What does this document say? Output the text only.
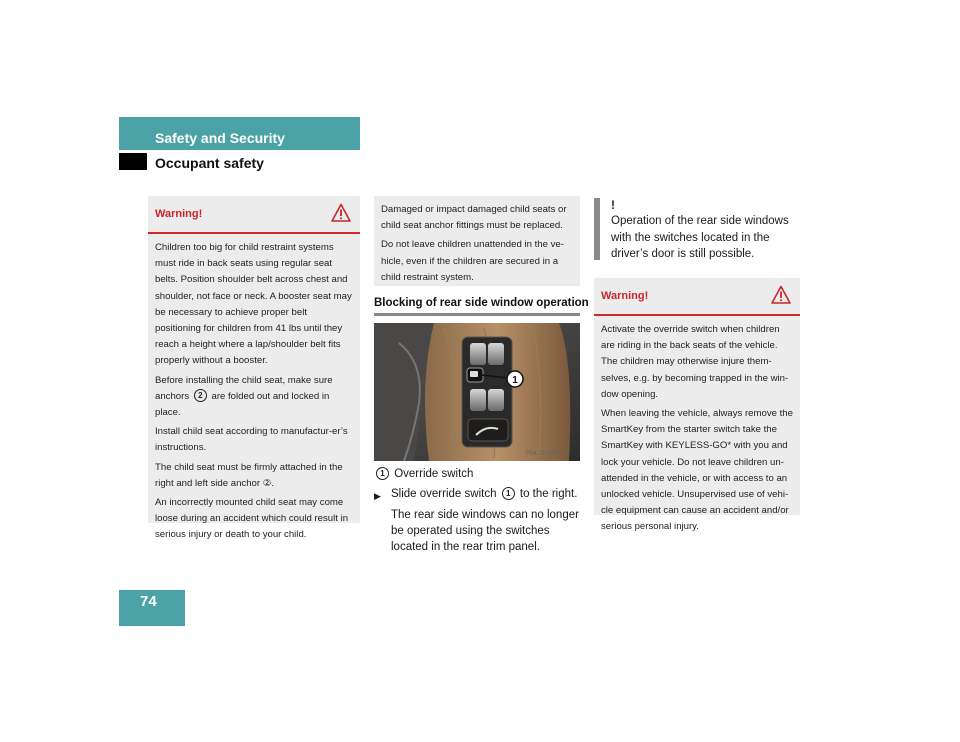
Safety and Security
Occupant safety
Warning!

Children too big for child restraint systems must ride in back seats using regular seat belts. Position shoulder belt across chest and shoulder, not face or neck. A booster seat may be necessary to achieve proper belt positioning for children from 41 lbs until they reach a height where a lap/shoulder belt fits properly without a booster.

Before installing the child seat, make sure anchors 2 are folded out and locked in place.

Install child seat according to manufactur-er’s instructions.

The child seat must be firmly attached in the right and left side anchor ②.

An incorrectly mounted child seat may come loose during an accident which could result in serious injury or death to your child.

Damaged or impact damaged child seats or child seat anchor fittings must be replaced.

Do not leave children unattended in the ve-hicle, even if the children are secured in a child restraint system.

Blocking of rear side window operation
1
P54.25-2602-31
1 Override switch
▶ Slide override switch 1 to the right.
The rear side windows can no longer be operated using the switches located in the rear trim panel.
!
Operation of the rear side windows with the switches located in the driver’s door is still possible.
Warning!

Activate the override switch when children are riding in the back seats of the vehicle. The children may otherwise injure them-selves, e.g. by becoming trapped in the win-dow opening.

When leaving the vehicle, always remove the SmartKey from the starter switch take the SmartKey with KEYLESS-GO* with you and lock your vehicle. Do not leave children un-attended in the vehicle, or with access to an unlocked vehicle. Unsupervised use of vehi-cle equipment can cause an accident and/or serious personal injury.

74
